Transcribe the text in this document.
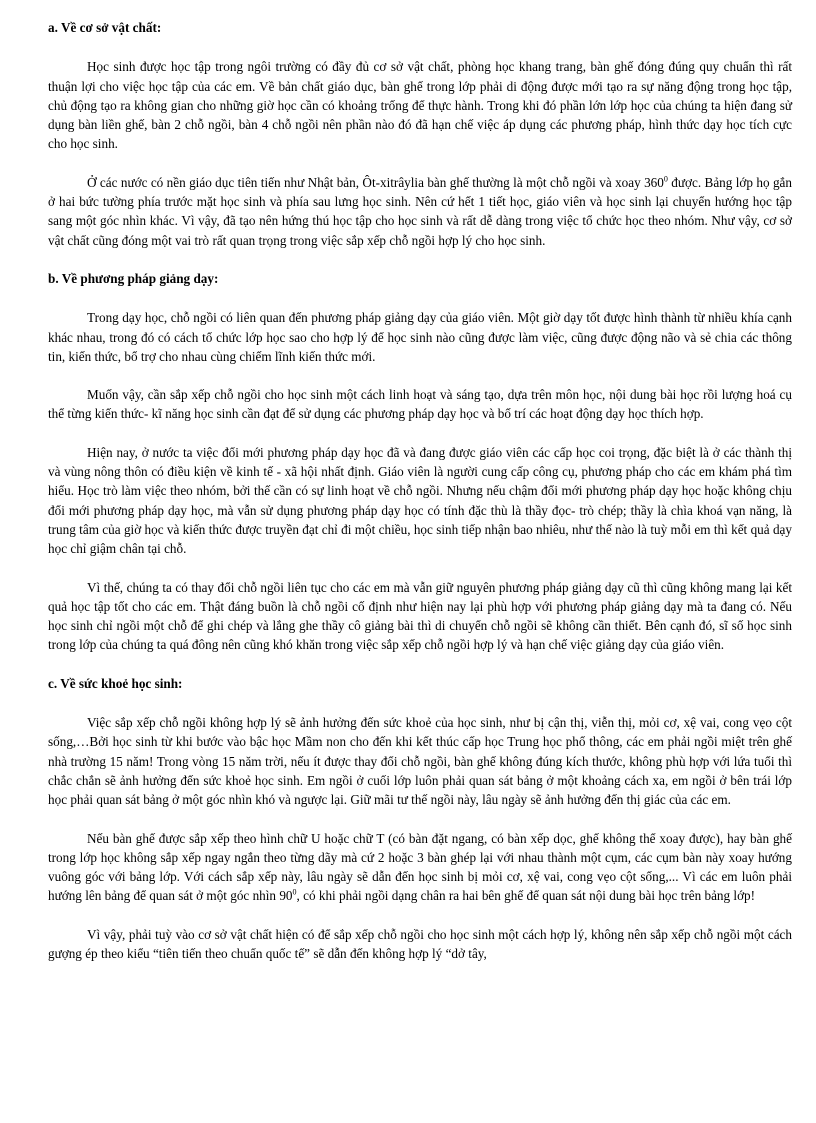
a. Về cơ sở vật chất:

Học sinh được học tập trong ngôi trường có đầy đủ cơ sở vật chất, phòng học khang trang, bàn ghế đóng đúng quy chuẩn thì rất thuận lợi cho việc học tập của các em. Về bản chất giáo dục, bàn ghế trong lớp phải di động được mới tạo ra sự năng động trong học tập, chủ động tạo ra không gian cho những giờ học cần có khoảng trống để thực hành. Trong khi đó phần lớn lớp học của chúng ta hiện đang sử dụng bàn liền ghế, bàn 2 chỗ ngồi, bàn 4 chỗ ngồi nên phần nào đó đã hạn chế việc áp dụng các phương pháp, hình thức dạy học tích cực cho học sinh.

Ở các nước có nền giáo dục tiên tiến như Nhật bản, Ôt-xitrâylia bàn ghế thường là một chỗ ngồi và xoay $360^0$ được. Bảng lớp họ gắn ở hai bức tường phía trước mặt học sinh và phía sau lưng học sinh. Nên cứ hết 1 tiết học, giáo viên và học sinh lại chuyển hướng học tập sang một góc nhìn khác. Vì vậy, đã tạo nên hứng thú học tập cho học sinh và rất dễ dàng trong việc tổ chức học theo nhóm. Như vậy, cơ sở vật chất cũng đóng một vai trò rất quan trọng trong việc sắp xếp chỗ ngồi hợp lý cho học sinh.

b. Về phương pháp giảng dạy:

Trong dạy học, chỗ ngồi có liên quan đến phương pháp giảng dạy của giáo viên. Một giờ dạy tốt được hình thành từ nhiều khía cạnh khác nhau, trong đó có cách tổ chức lớp học sao cho hợp lý để học sinh nào cũng được làm việc, cũng được động não và sẻ chia các thông tin, kiến thức, bổ trợ cho nhau cùng chiếm lĩnh kiến thức mới.

Muốn vậy, cần sắp xếp chỗ ngồi cho học sinh một cách linh hoạt và sáng tạo, dựa trên môn học, nội dung bài học rồi lượng hoá cụ thể từng kiến thức- kĩ năng học sinh cần đạt để sử dụng các phương pháp dạy học và bố trí các hoạt động dạy học thích hợp.

Hiện nay, ở nước ta việc đổi mới phương pháp dạy học đã và đang được giáo viên các cấp học coi trọng, đặc biệt là ở các thành thị và vùng nông thôn có điều kiện về kinh tế - xã hội nhất định. Giáo viên là người cung cấp công cụ, phương pháp cho các em khám phá tìm hiểu. Học trò làm việc theo nhóm, bởi thế cần có sự linh hoạt về chỗ ngồi. Nhưng nếu chậm đổi mới phương pháp dạy học hoặc không chịu đổi mới phương pháp dạy học, mà vẫn sử dụng phương pháp dạy học có tính đặc thù là thầy đọc- trò chép; thầy là chìa khoá vạn năng, là trung tâm của giờ học và kiến thức được truyền đạt chỉ đi một chiều, học sinh tiếp nhận bao nhiêu, như thế nào là tuỳ mỗi em thì kết quả dạy học chỉ giậm chân tại chỗ.

Vì thế, chúng ta có thay đổi chỗ ngồi liên tục cho các em mà vẫn giữ nguyên phương pháp giảng dạy cũ thì cũng không mang lại kết quả học tập tốt cho các em. Thật đáng buồn là chỗ ngồi cố định như hiện nay lại phù hợp với phương pháp giảng dạy mà ta đang có. Nếu học sinh chỉ ngồi một chỗ để ghi chép và lắng ghe thầy cô giảng bài thì di chuyển chỗ ngồi sẽ không cần thiết. Bên cạnh đó, sĩ số học sinh trong lớp của chúng ta quá đông nên cũng khó khăn trong việc sắp xếp chỗ ngồi hợp lý và hạn chế việc giảng dạy của giáo viên.

c. Về sức khoẻ học sinh:

Việc sắp xếp chỗ ngồi không hợp lý sẽ ảnh hưởng đến sức khoẻ của học sinh, như bị cận thị, viễn thị, mỏi cơ, xệ vai, cong vẹo cột sống,…Bởi học sinh từ khi bước vào bậc học Mầm non cho đến khi kết thúc cấp học Trung học phổ thông, các em phải ngồi miệt trên ghế nhà trường 15 năm! Trong vòng 15 năm trời, nếu ít được thay đổi chỗ ngồi, bàn ghế không đúng kích thước, không phù hợp với lứa tuổi thì chắc chắn sẽ ảnh hưởng đến sức khoẻ học sinh. Em ngồi ở cuối lớp luôn phải quan sát bảng ở một khoảng cách xa, em ngồi ở bên trái lớp học phải quan sát bảng ở một góc nhìn khó và ngược lại. Giữ mãi tư thế ngồi này, lâu ngày sẽ ảnh hưởng đến thị giác của các em.

Nếu bàn ghế được sắp xếp theo hình chữ U hoặc chữ T (có bàn đặt ngang, có bàn xếp dọc, ghế không thể xoay được), hay bàn ghế trong lớp học không sắp xếp ngay ngắn theo từng dãy mà cứ 2 hoặc 3 bàn ghép lại với nhau thành một cụm, các cụm bàn này xoay hướng vuông góc với bảng lớp. Với cách sắp xếp này, lâu ngày sẽ dẫn đến học sinh bị mỏi cơ, xệ vai, cong vẹo cột sống,... Vì các em luôn phải hướng lên bảng để quan sát ở một góc nhìn $90^0$, có khi phải ngồi dạng chân ra hai bên ghế để quan sát nội dung bài học trên bảng lớp!

Vì vậy, phải tuỳ vào cơ sở vật chất hiện có để sắp xếp chỗ ngồi cho học sinh một cách hợp lý, không nên sắp xếp chỗ ngồi một cách gượng ép theo kiểu “tiên tiến theo chuẩn quốc tế” sẽ dẫn đến không hợp lý “dở tây,
